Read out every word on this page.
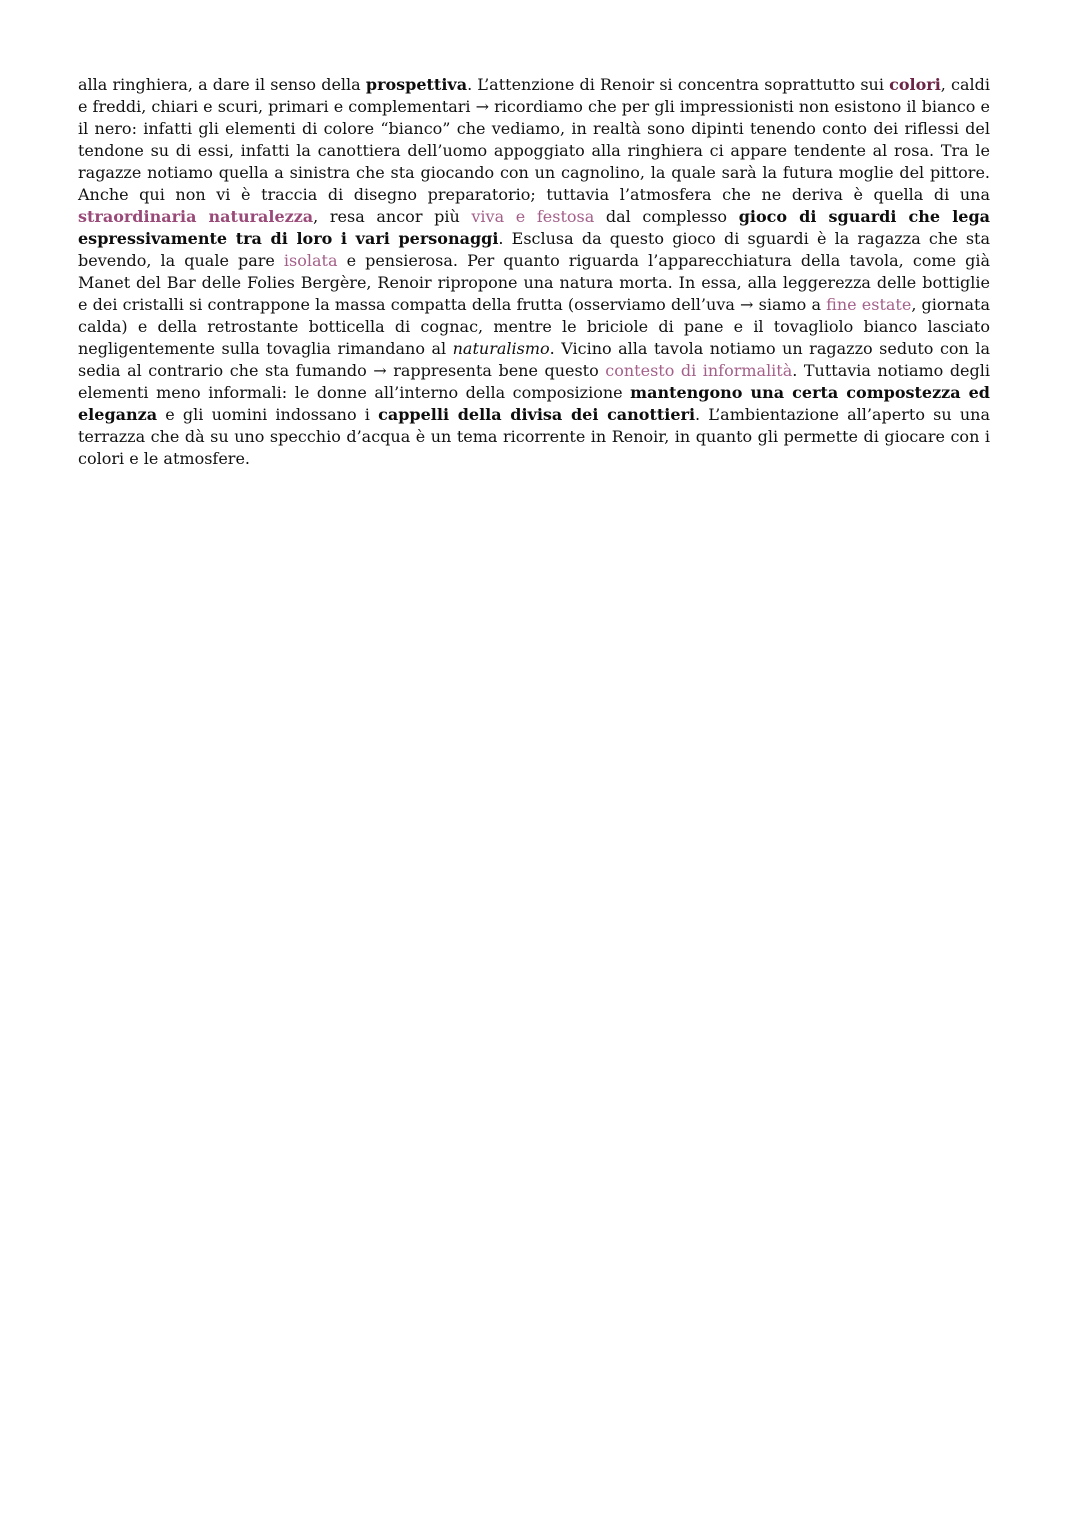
alla ringhiera, a dare il senso della prospettiva. L’attenzione di Renoir si concentra soprattutto sui colori, caldi e freddi, chiari e scuri, primari e complementari → ricordiamo che per gli impressionisti non esistono il bianco e il nero: infatti gli elementi di colore “bianco” che vediamo, in realtà sono dipinti tenendo conto dei riflessi del tendone su di essi, infatti la canottiera dell’uomo appoggiato alla ringhiera ci appare tendente al rosa. Tra le ragazze notiamo quella a sinistra che sta giocando con un cagnolino, la quale sarà la futura moglie del pittore. Anche qui non vi è traccia di disegno preparatorio; tuttavia l’atmosfera che ne deriva è quella di una straordinaria naturalezza, resa ancor più viva e festosa dal complesso gioco di sguardi che lega espressivamente tra di loro i vari personaggi. Esclusa da questo gioco di sguardi è la ragazza che sta bevendo, la quale pare isolata e pensierosa. Per quanto riguarda l’apparecchiatura della tavola, come già Manet del Bar delle Folies Bergère, Renoir ripropone una natura morta. In essa, alla leggerezza delle bottiglie e dei cristalli si contrappone la massa compatta della frutta (osserviamo dell’uva → siamo a fine estate, giornata calda) e della retrostante botticella di cognac, mentre le briciole di pane e il tovagliolo bianco lasciato negligentemente sulla tovaglia rimandano al naturalismo. Vicino alla tavola notiamo un ragazzo seduto con la sedia al contrario che sta fumando → rappresenta bene questo contesto di informalità. Tuttavia notiamo degli elementi meno informali: le donne all’interno della composizione mantengono una certa compostezza ed eleganza e gli uomini indossano i cappelli della divisa dei canottieri. L’ambientazione all’aperto su una terrazza che dà su uno specchio d’acqua è un tema ricorrente in Renoir, in quanto gli permette di giocare con i colori e le atmosfere.
